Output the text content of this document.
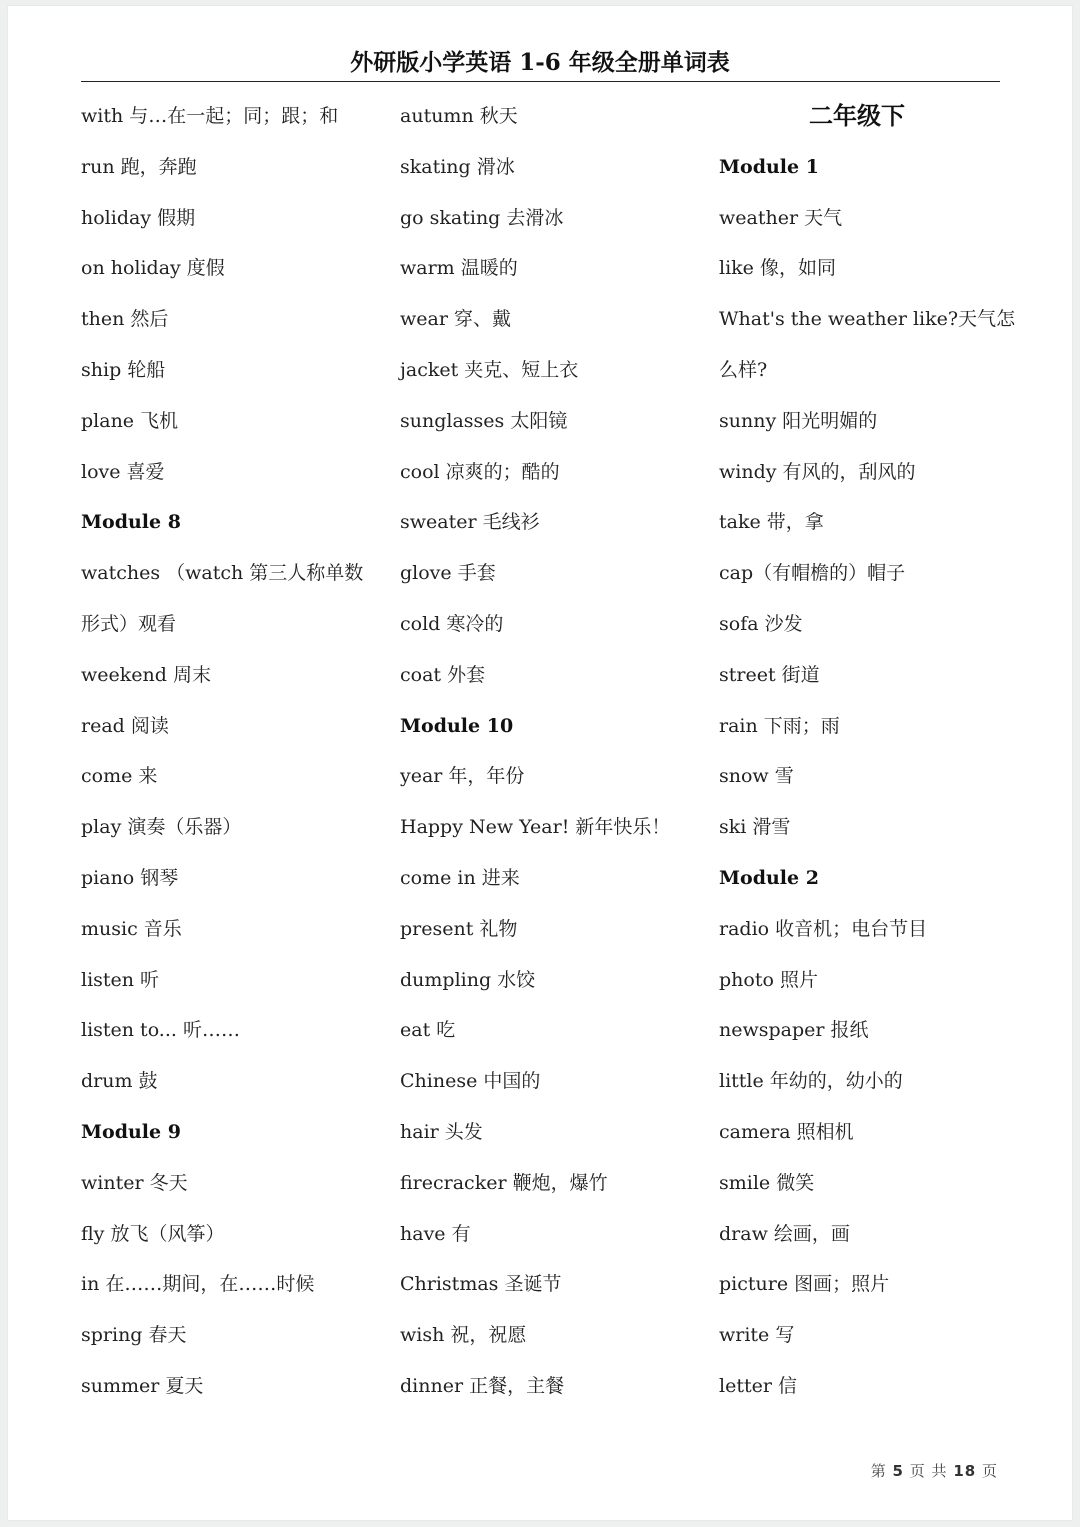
外研版小学英语 1-6 年级全册单词表
with 与…在一起；同；跟；和
run 跑，奔跑
holiday 假期
on holiday 度假
then 然后
ship 轮船
plane 飞机
love 喜爱
Module 8
watches （watch 第三人称单数
形式）观看
weekend 周末
read 阅读
come 来
play 演奏（乐器）
piano 钢琴
music 音乐
listen 听
listen to... 听……
drum 鼓
Module 9
winter 冬天
fly 放飞（风筝）
in 在……期间，在……时候
spring 春天
summer 夏天
autumn 秋天
skating 滑冰
go skating 去滑冰
warm 温暖的
wear 穿、戴
jacket 夹克、短上衣
sunglasses 太阳镜
cool 凉爽的；酷的
sweater 毛线衫
glove 手套
cold 寒冷的
coat 外套
Module 10
year 年，年份
Happy New Year! 新年快乐！
come in 进来
present 礼物
dumpling 水饺
eat 吃
Chinese 中国的
hair 头发
firecracker 鞭炮，爆竹
have 有
Christmas 圣诞节
wish 祝，祝愿
dinner 正餐，主餐
二年级下
Module 1
weather 天气
like 像，如同
What's the weather like?天气怎
么样?
sunny 阳光明媚的
windy 有风的，刮风的
take 带，拿
cap（有帽檐的）帽子
sofa 沙发
street 街道
rain 下雨；雨
snow 雪
ski 滑雪
Module 2
radio 收音机；电台节目
photo 照片
newspaper 报纸
little 年幼的，幼小的
camera 照相机
smile 微笑
draw 绘画，画
picture 图画；照片
write 写
letter 信
第 5 页 共 18 页
